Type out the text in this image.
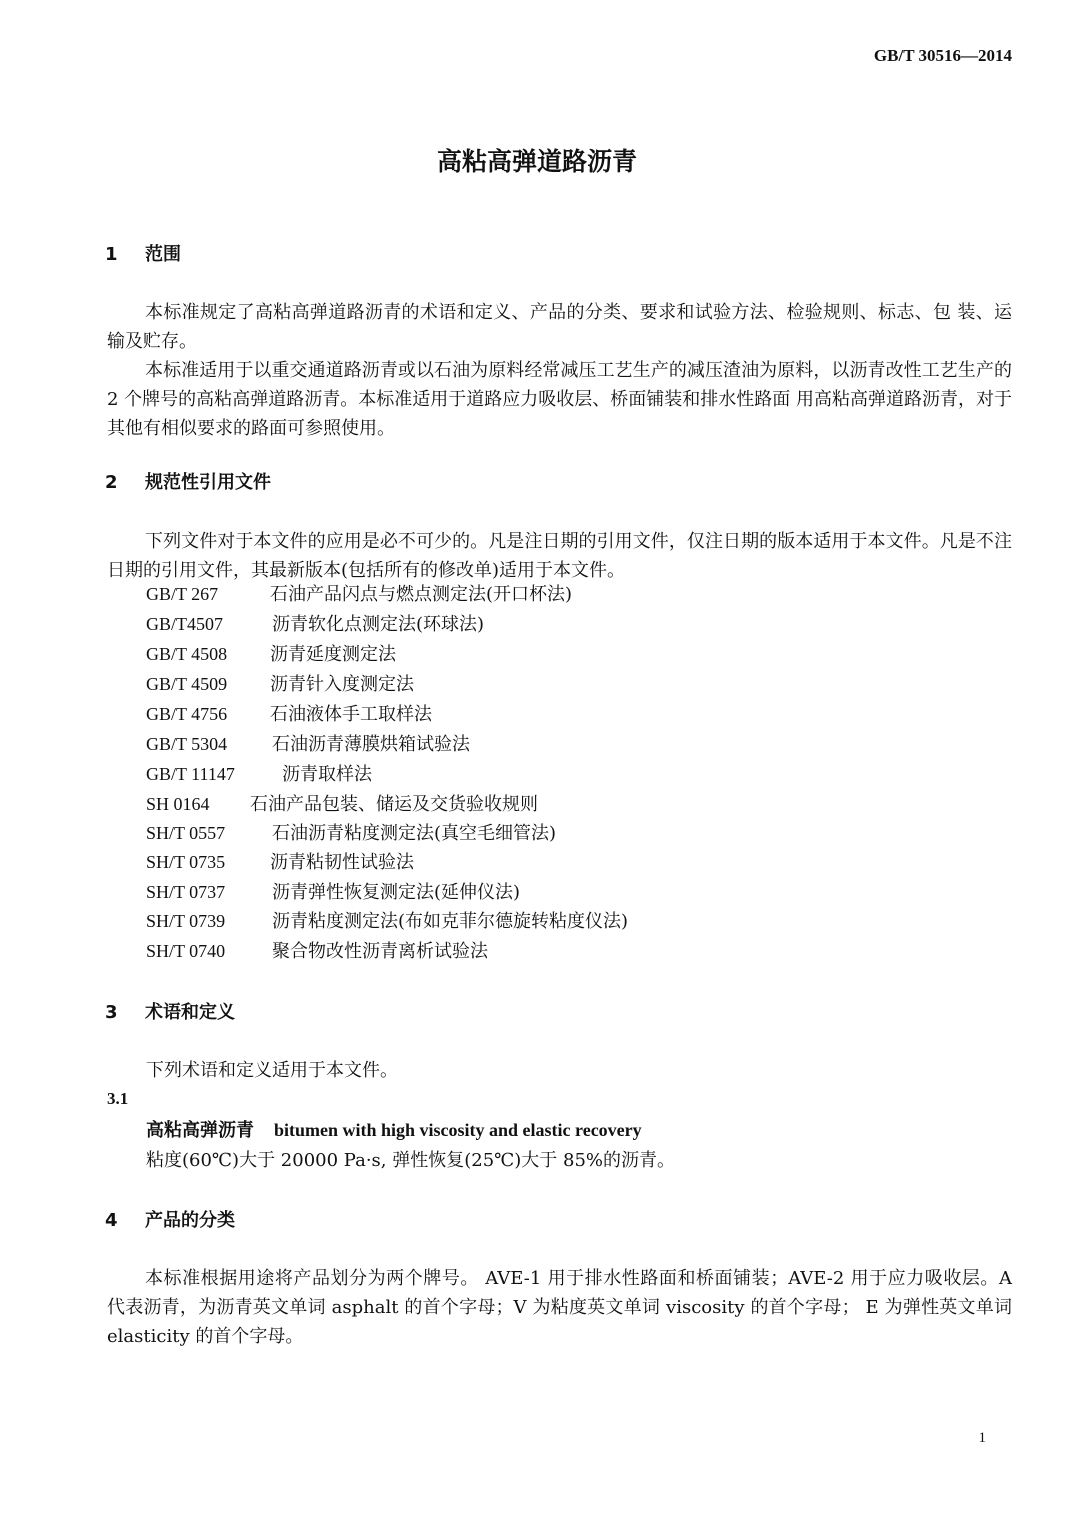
GB/T 30516—2014
高粘高弹道路沥青
1 范围
本标准规定了高粘高弹道路沥青的术语和定义、产品的分类、要求和试验方法、检验规则、标志、包 装、运输及贮存。
本标准适用于以重交通道路沥青或以石油为原料经常减压工艺生产的减压渣油为原料，以沥青改性工艺生产的 2 个牌号的高粘高弹道路沥青。本标准适用于道路应力吸收层、桥面铺装和排水性路面 用高粘高弹道路沥青，对于其他有相似要求的路面可参照使用。
2 规范性引用文件
下列文件对于本文件的应用是必不可少的。凡是注日期的引用文件，仅注日期的版本适用于本文件。凡是不注日期的引用文件，其最新版本(包括所有的修改单)适用于本文件。
GB/T 267	石油产品闪点与燃点测定法(开口杯法)
GB/T4507	沥青软化点测定法(环球法)
GB/T 4508 沥青延度测定法
GB/T 4509 沥青针入度测定法
GB/T 4756 石油液体手工取样法
GB/T 5304 石油沥青薄膜烘箱试验法
GB/T 11147	沥青取样法
SH 0164 石油产品包装、储运及交货验收规则
SH/T 0557	石油沥青粘度测定法(真空毛细管法)
SH/T 0735 沥青粘韧性试验法
SH/T 0737	沥青弹性恢复测定法(延伸仪法)
SH/T 0739	沥青粘度测定法(布如克菲尔德旋转粘度仪法)
SH/T 0740	聚合物改性沥青离析试验法
3 术语和定义
下列术语和定义适用于本文件。
3.1
高粘高弹沥青 bitumen with high viscosity and elastic recovery
粘度(60℃)大于 20000 Pa·s, 弹性恢复(25℃)大于 85%的沥青。
4 产品的分类
本标准根据用途将产品划分为两个牌号。 AVE-1 用于排水性路面和桥面铺装；AVE-2 用于应力吸收层。A 代表沥青，为沥青英文单词 asphalt 的首个字母；V 为粘度英文单词 viscosity 的首个字母； E 为弹性英文单词 elasticity 的首个字母。
1
